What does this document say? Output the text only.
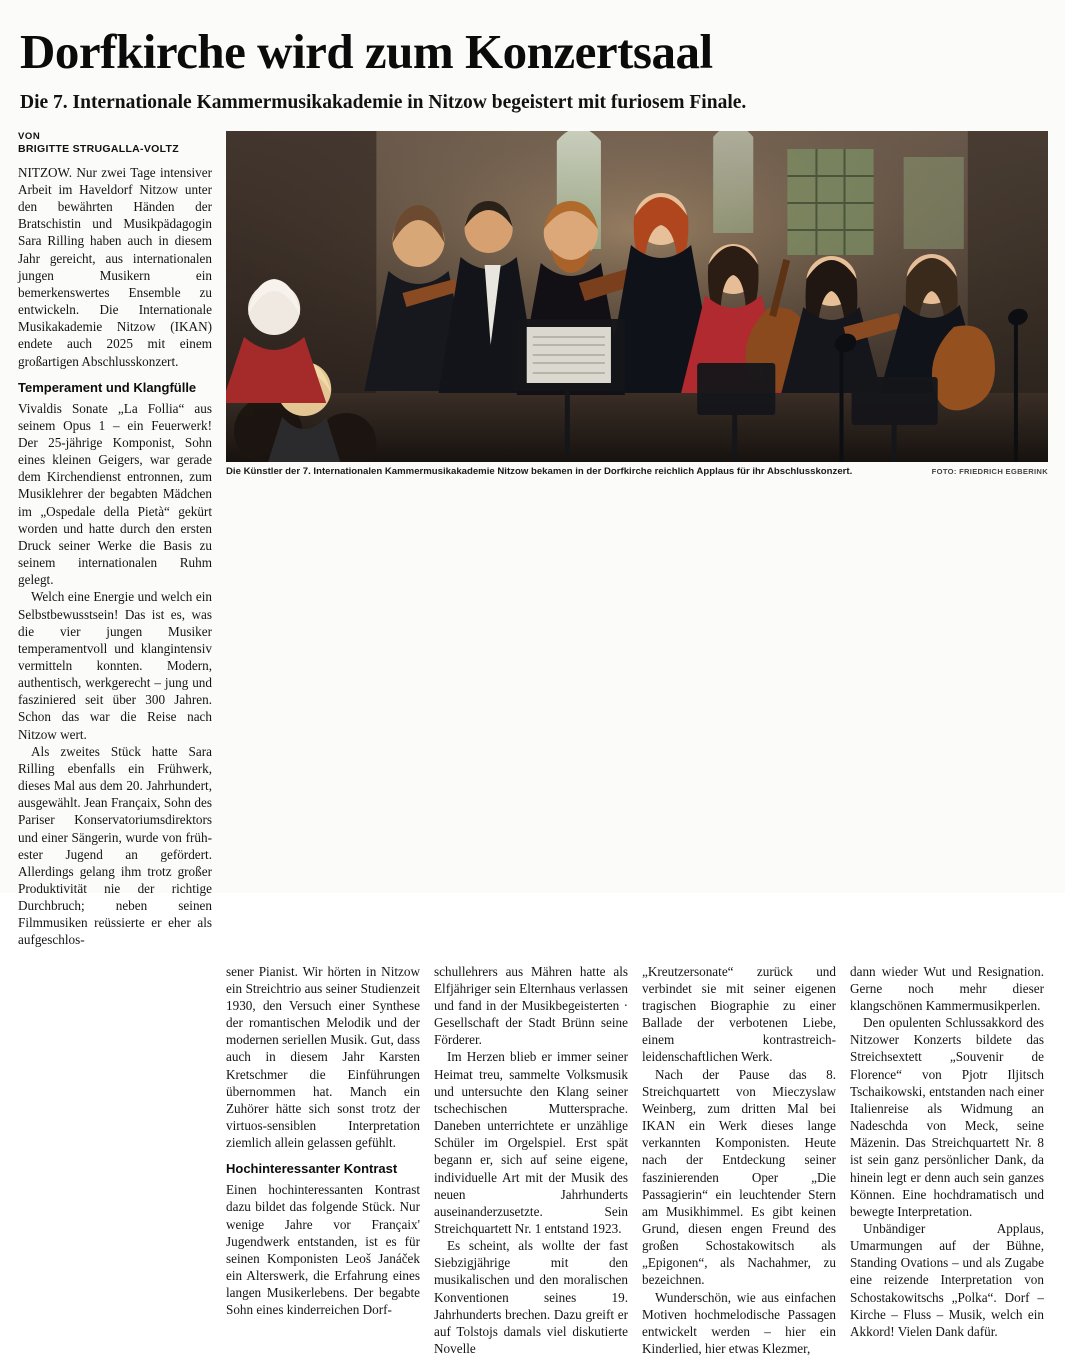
Dorfkirche wird zum Konzertsaal
Die 7. Internationale Kammermusikakademie in Nitzow begeistert mit furiosem Finale.
VON
BRIGITTE STRUGALLA-VOLTZ

NITZOW. Nur zwei Tage intensiver Arbeit im Haveldorf Nitzow unter den bewährten Händen der Bratschistin und Musikpädagogin Sara Rilling haben auch in diesem Jahr gereicht, aus internationalen jungen Musikern ein bemerkenswertes Ensemble zu entwickeln. Die Internationale Musikakademie Nitzow (IKAN) endete auch 2025 mit einem großartigen Abschlusskonzert.

Temperament und Klangfülle

Vivaldis Sonate „La Follia“ aus seinem Opus 1 – ein Feuerwerk! Der 25-jährige Komponist, Sohn eines kleinen Geigers, war gerade dem Kirchendienst entronnen, zum Musiklehrer der begabten Mädchen im „Ospedale della Pietà“ gekürt worden und hatte durch den ersten Druck seiner Werke die Basis zu seinem internationalen Ruhm gelegt.

Welch eine Energie und welch ein Selbstbewusstsein! Das ist es, was die vier jungen Musiker temperamentvoll und klangintensiv vermitteln konnten. Modern, authentisch, werkgerecht – jung und fasziniered seit über 300 Jahren. Schon das war die Reise nach Nitzow wert.

Als zweites Stück hatte Sara Rilling ebenfalls ein Frühwerk, dieses Mal aus dem 20. Jahrhundert, ausgewählt. Jean Françaix, Sohn des Pariser Konservatoriumsdirektors und einer Sängerin, wurde von frühester Jugend an gefördert. Allerdings gelang ihm trotz großer Produktivität nie der richtige Durchbruch; neben seinen Filmmusiken reüssierte er eher als aufgeschlos-

Die Künstler der 7. Internationalen Kammermusikakademie Nitzow bekamen in der Dorfkirche reichlich Applaus für ihr Abschlusskonzert.	FOTO: FRIEDRICH EGBERINK

sener Pianist. Wir hörten in Nitzow ein Streichtrio aus seiner Studienzeit 1930, den Versuch einer Synthese der romantischen Melodik und der modernen seriellen Musik. Gut, dass auch in diesem Jahr Karsten Kretschmer die Einführungen übernommen hat. Manch ein Zuhörer hätte sich sonst trotz der virtuos-sensiblen Interpretation ziemlich allein gelassen gefühlt.

Hochinteressanter Kontrast

Einen hochinteressanten Kontrast dazu bildet das folgende Stück. Nur wenige Jahre vor Françaix' Jugendwerk entstanden, ist es für seinen Komponisten Leoš Janáček ein Alterswerk, die Erfahrung eines langen Musikerlebens. Der begabte Sohn eines kinderreichen Dorf-

schullehrers aus Mähren hatte als Elfjähriger sein Elternhaus verlassen und fand in der Musikbegeisterten · Gesellschaft der Stadt Brünn seine Förderer.

Im Herzen blieb er immer seiner Heimat treu, sammelte Volksmusik und untersuchte den Klang seiner tschechischen Muttersprache. Daneben unterrichtete er unzählige Schüler im Orgelspiel. Erst spät begann er, sich auf seine eigene, individuelle Art mit der Musik des neuen Jahrhunderts auseinanderzusetzte. Sein Streichquartett Nr. 1 entstand 1923.

Es scheint, als wollte der fast Siebzigjährige mit den musikalischen und den moralischen Konventionen seines 19. Jahrhunderts brechen. Dazu greift er auf Tolstojs damals viel diskutierte Novelle

„Kreutzersonate“ zurück und verbindet sie mit seiner eigenen tragischen Biographie zu einer Ballade der verbotenen Liebe, einem kontrastreich-leidenschaftlichen Werk.

Nach der Pause das 8. Streichquartett von Mieczyslaw Weinberg, zum dritten Mal bei IKAN ein Werk dieses lange verkannten Komponisten. Heute nach der Entdeckung seiner faszinierenden Oper „Die Passagierin“ ein leuchtender Stern am Musikhimmel. Es gibt keinen Grund, diesen engen Freund des großen Schostakowitsch als „Epigonen“, als Nachahmer, zu bezeichnen.

Wunderschön, wie aus einfachen Motiven hochmelodische Passagen entwickelt werden – hier ein Kinderlied, hier etwas Klezmer,

dann wieder Wut und Resignation. Gerne noch mehr dieser klangschönen Kammermusikperlen.

Den opulenten Schlussakkord des Nitzower Konzerts bildete das Streichsextett „Souvenir de Florence“ von Pjotr Iljitsch Tschaikowski, entstanden nach einer Italienreise als Widmung an Nadeschda von Meck, seine Mäzenin. Das Streichquartett Nr. 8 ist sein ganz persönlicher Dank, da hinein legt er denn auch sein ganzes Können. Eine hochdramatisch und bewegte Interpretation.

Unbändiger Applaus, Umarmungen auf der Bühne, Standing Ovations – und als Zugabe eine reizende Interpretation von Schostakowitschs „Polka“. Dorf – Kirche – Fluss – Musik, welch ein Akkord! Vielen Dank dafür.
